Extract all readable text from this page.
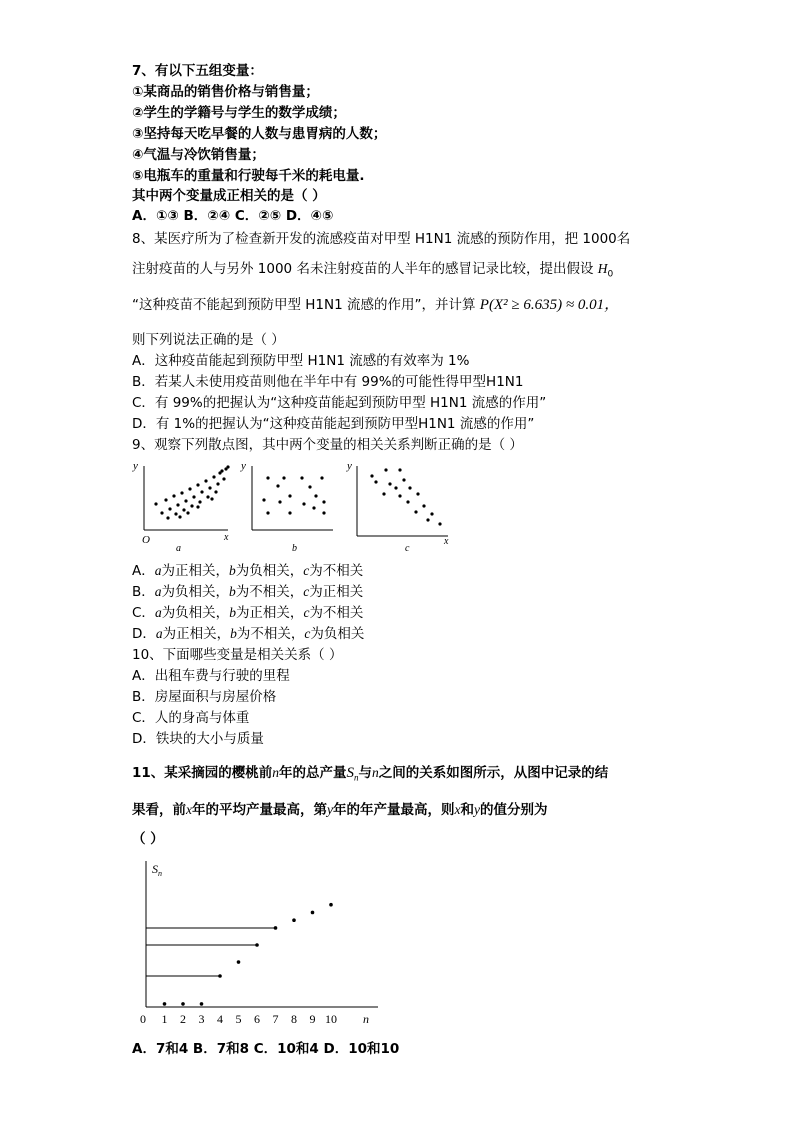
7、有以下五组变量：
①某商品的销售价格与销售量；
②学生的学籍号与学生的数学成绩；
③坚持每天吃早餐的人数与患胃病的人数；
④气温与冷饮销售量；
⑤电瓶车的重量和行驶每千米的耗电量.
其中两个变量成正相关的是（ ）
A．①③ B．②④ C．②⑤ D．④⑤
8、某医疗所为了检查新开发的流感疫苗对甲型 H1N1 流感的预防作用，把 1000名
注射疫苗的人与另外 1000 名未注射疫苗的人半年的感冒记录比较，提出假设 $H_0$
“这种疫苗不能起到预防甲型 H1N1 流感的作用”，并计算 P(X² ≥ 6.635) ≈ 0.01，
则下列说法正确的是（ ）
A．这种疫苗能起到预防甲型 H1N1 流感的有效率为 1%
B．若某人未使用疫苗则他在半年中有 99%的可能性得甲型H1N1
C．有 99%的把握认为“这种疫苗能起到预防甲型 H1N1 流感的作用”
D．有 1%的把握认为“这种疫苗能起到预防甲型H1N1 流感的作用”
9、观察下列散点图，其中两个变量的相关关系判断正确的是（ ）
y
x
O
a
y
b
y
x
c
A．a为正相关，b为负相关，c为不相关
B．a为负相关，b为不相关，c为正相关
C．a为负相关，b为正相关，c为不相关
D．a为正相关，b为不相关，c为负相关
10、下面哪些变量是相关关系（ ）
A．出租车费与行驶的里程
B．房屋面积与房屋价格
C．人的身高与体重
D．铁块的大小与质量
11、某采摘园的樱桃前n年的总产量$S_n$与n之间的关系如图所示，从图中记录的结
果看，前x年的平均产量最高，第y年的年产量最高，则x和y的值分别为
（ ）
$S_n$
n
0 1 2 3 4 5 6 7 8 9 10
A．7和4 B．7和8 C．10和4 D．10和10
